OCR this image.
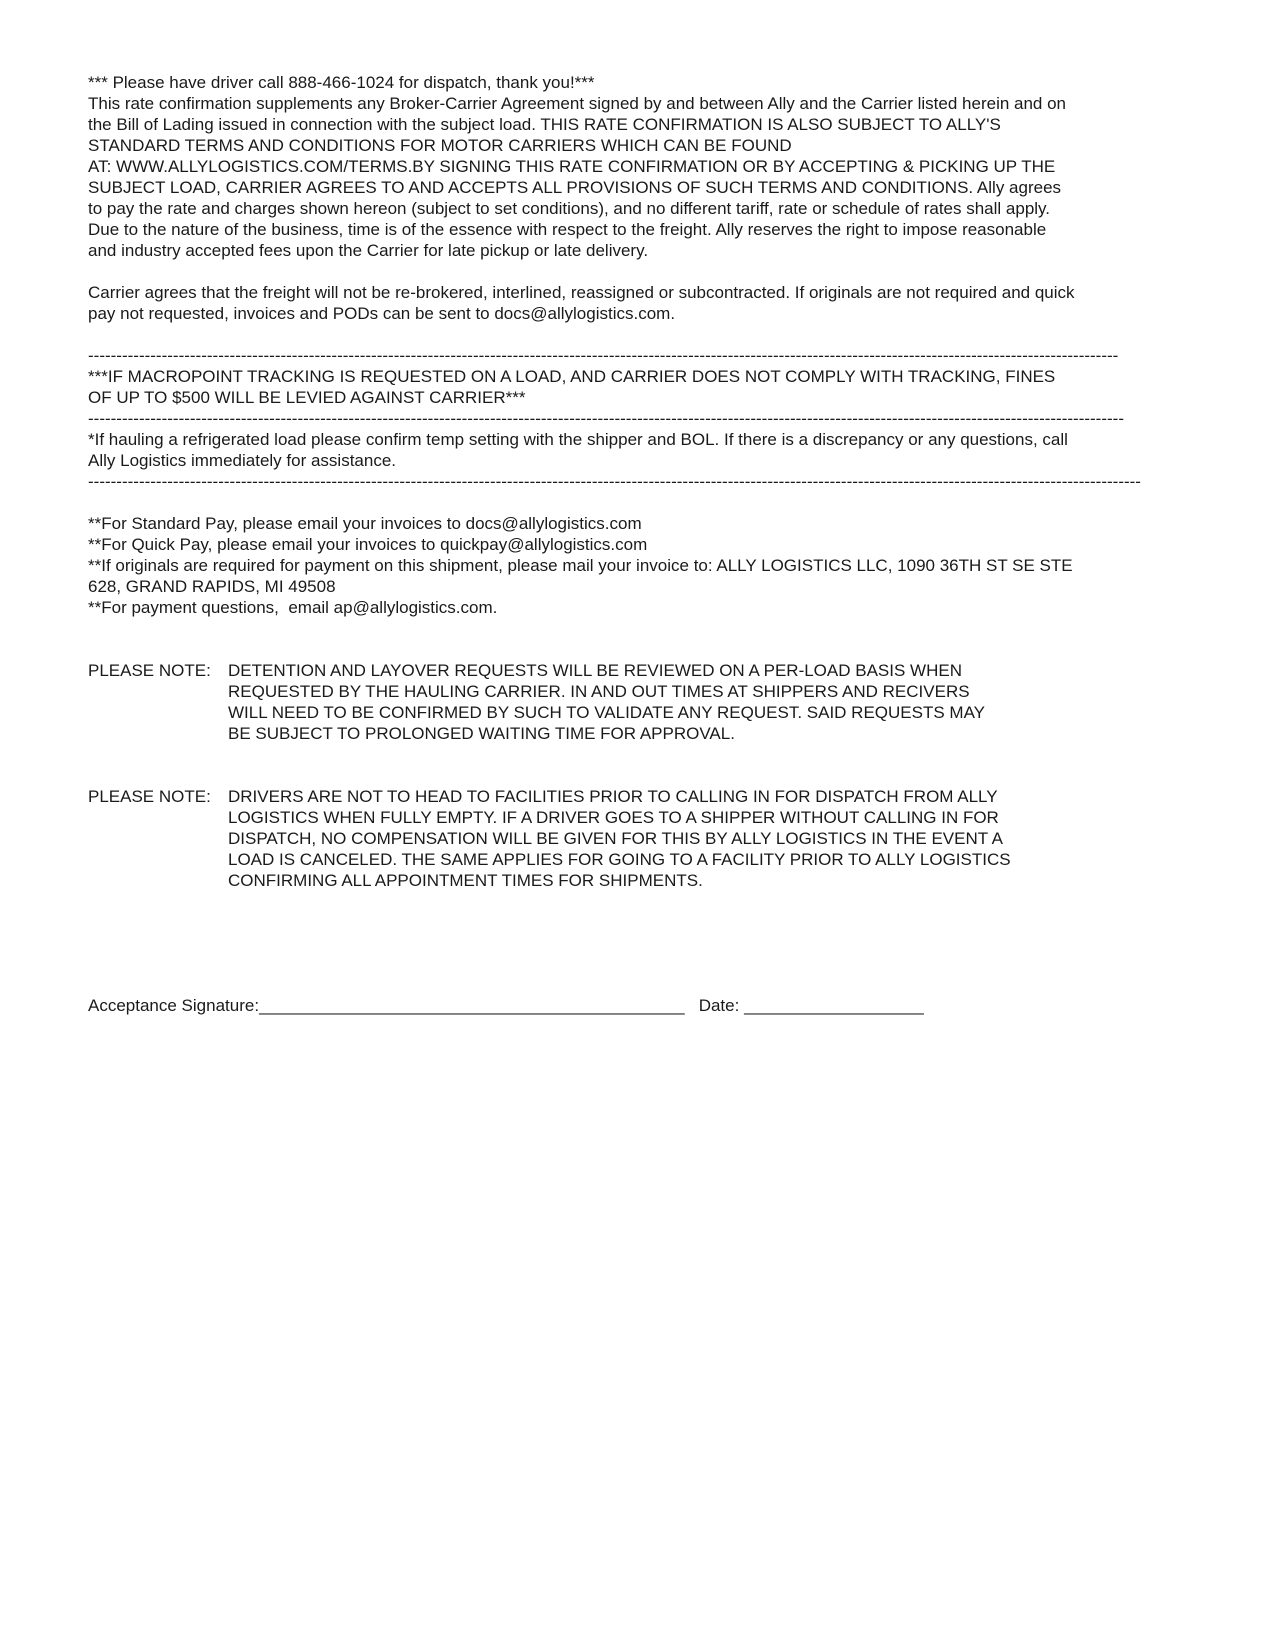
*** Please have driver call 888-466-1024 for dispatch, thank you!***
This rate confirmation supplements any Broker-Carrier Agreement signed by and between Ally and the Carrier listed herein and on
the Bill of Lading issued in connection with the subject load. THIS RATE CONFIRMATION IS ALSO SUBJECT TO ALLY'S
STANDARD TERMS AND CONDITIONS FOR MOTOR CARRIERS WHICH CAN BE FOUND
AT: WWW.ALLYLOGISTICS.COM/TERMS.BY SIGNING THIS RATE CONFIRMATION OR BY ACCEPTING & PICKING UP THE
SUBJECT LOAD, CARRIER AGREES TO AND ACCEPTS ALL PROVISIONS OF SUCH TERMS AND CONDITIONS. Ally agrees
to pay the rate and charges shown hereon (subject to set conditions), and no different tariff, rate or schedule of rates shall apply.
Due to the nature of the business, time is of the essence with respect to the freight. Ally reserves the right to impose reasonable
and industry accepted fees upon the Carrier for late pickup or late delivery.
Carrier agrees that the freight will not be re-brokered, interlined, reassigned or subcontracted. If originals are not required and quick
pay not requested, invoices and PODs can be sent to docs@allylogistics.com.
--------------------------------------------------------------------------------------------------------------------------------------------------------------------------------------
***IF MACROPOINT TRACKING IS REQUESTED ON A LOAD, AND CARRIER DOES NOT COMPLY WITH TRACKING, FINES
OF UP TO $500 WILL BE LEVIED AGAINST CARRIER***
---------------------------------------------------------------------------------------------------------------------------------------------------------------------------------------
*If hauling a refrigerated load please confirm temp setting with the shipper and BOL. If there is a discrepancy or any questions, call
Ally Logistics immediately for assistance.
------------------------------------------------------------------------------------------------------------------------------------------------------------------------------------------
**For Standard Pay, please email your invoices to docs@allylogistics.com
**For Quick Pay, please email your invoices to quickpay@allylogistics.com
**If originals are required for payment on this shipment, please mail your invoice to: ALLY LOGISTICS LLC, 1090 36TH ST SE STE
628, GRAND RAPIDS, MI 49508
**For payment questions,  email ap@allylogistics.com.
PLEASE NOTE: DETENTION AND LAYOVER REQUESTS WILL BE REVIEWED ON A PER-LOAD BASIS WHEN
REQUESTED BY THE HAULING CARRIER. IN AND OUT TIMES AT SHIPPERS AND RECIVERS
WILL NEED TO BE CONFIRMED BY SUCH TO VALIDATE ANY REQUEST. SAID REQUESTS MAY
BE SUBJECT TO PROLONGED WAITING TIME FOR APPROVAL.
PLEASE NOTE: DRIVERS ARE NOT TO HEAD TO FACILITIES PRIOR TO CALLING IN FOR DISPATCH FROM ALLY
LOGISTICS WHEN FULLY EMPTY. IF A DRIVER GOES TO A SHIPPER WITHOUT CALLING IN FOR
DISPATCH, NO COMPENSATION WILL BE GIVEN FOR THIS BY ALLY LOGISTICS IN THE EVENT A
LOAD IS CANCELED. THE SAME APPLIES FOR GOING TO A FACILITY PRIOR TO ALLY LOGISTICS
CONFIRMING ALL APPOINTMENT TIMES FOR SHIPMENTS.
Acceptance Signature:_____________________________________________ Date: ___________________
